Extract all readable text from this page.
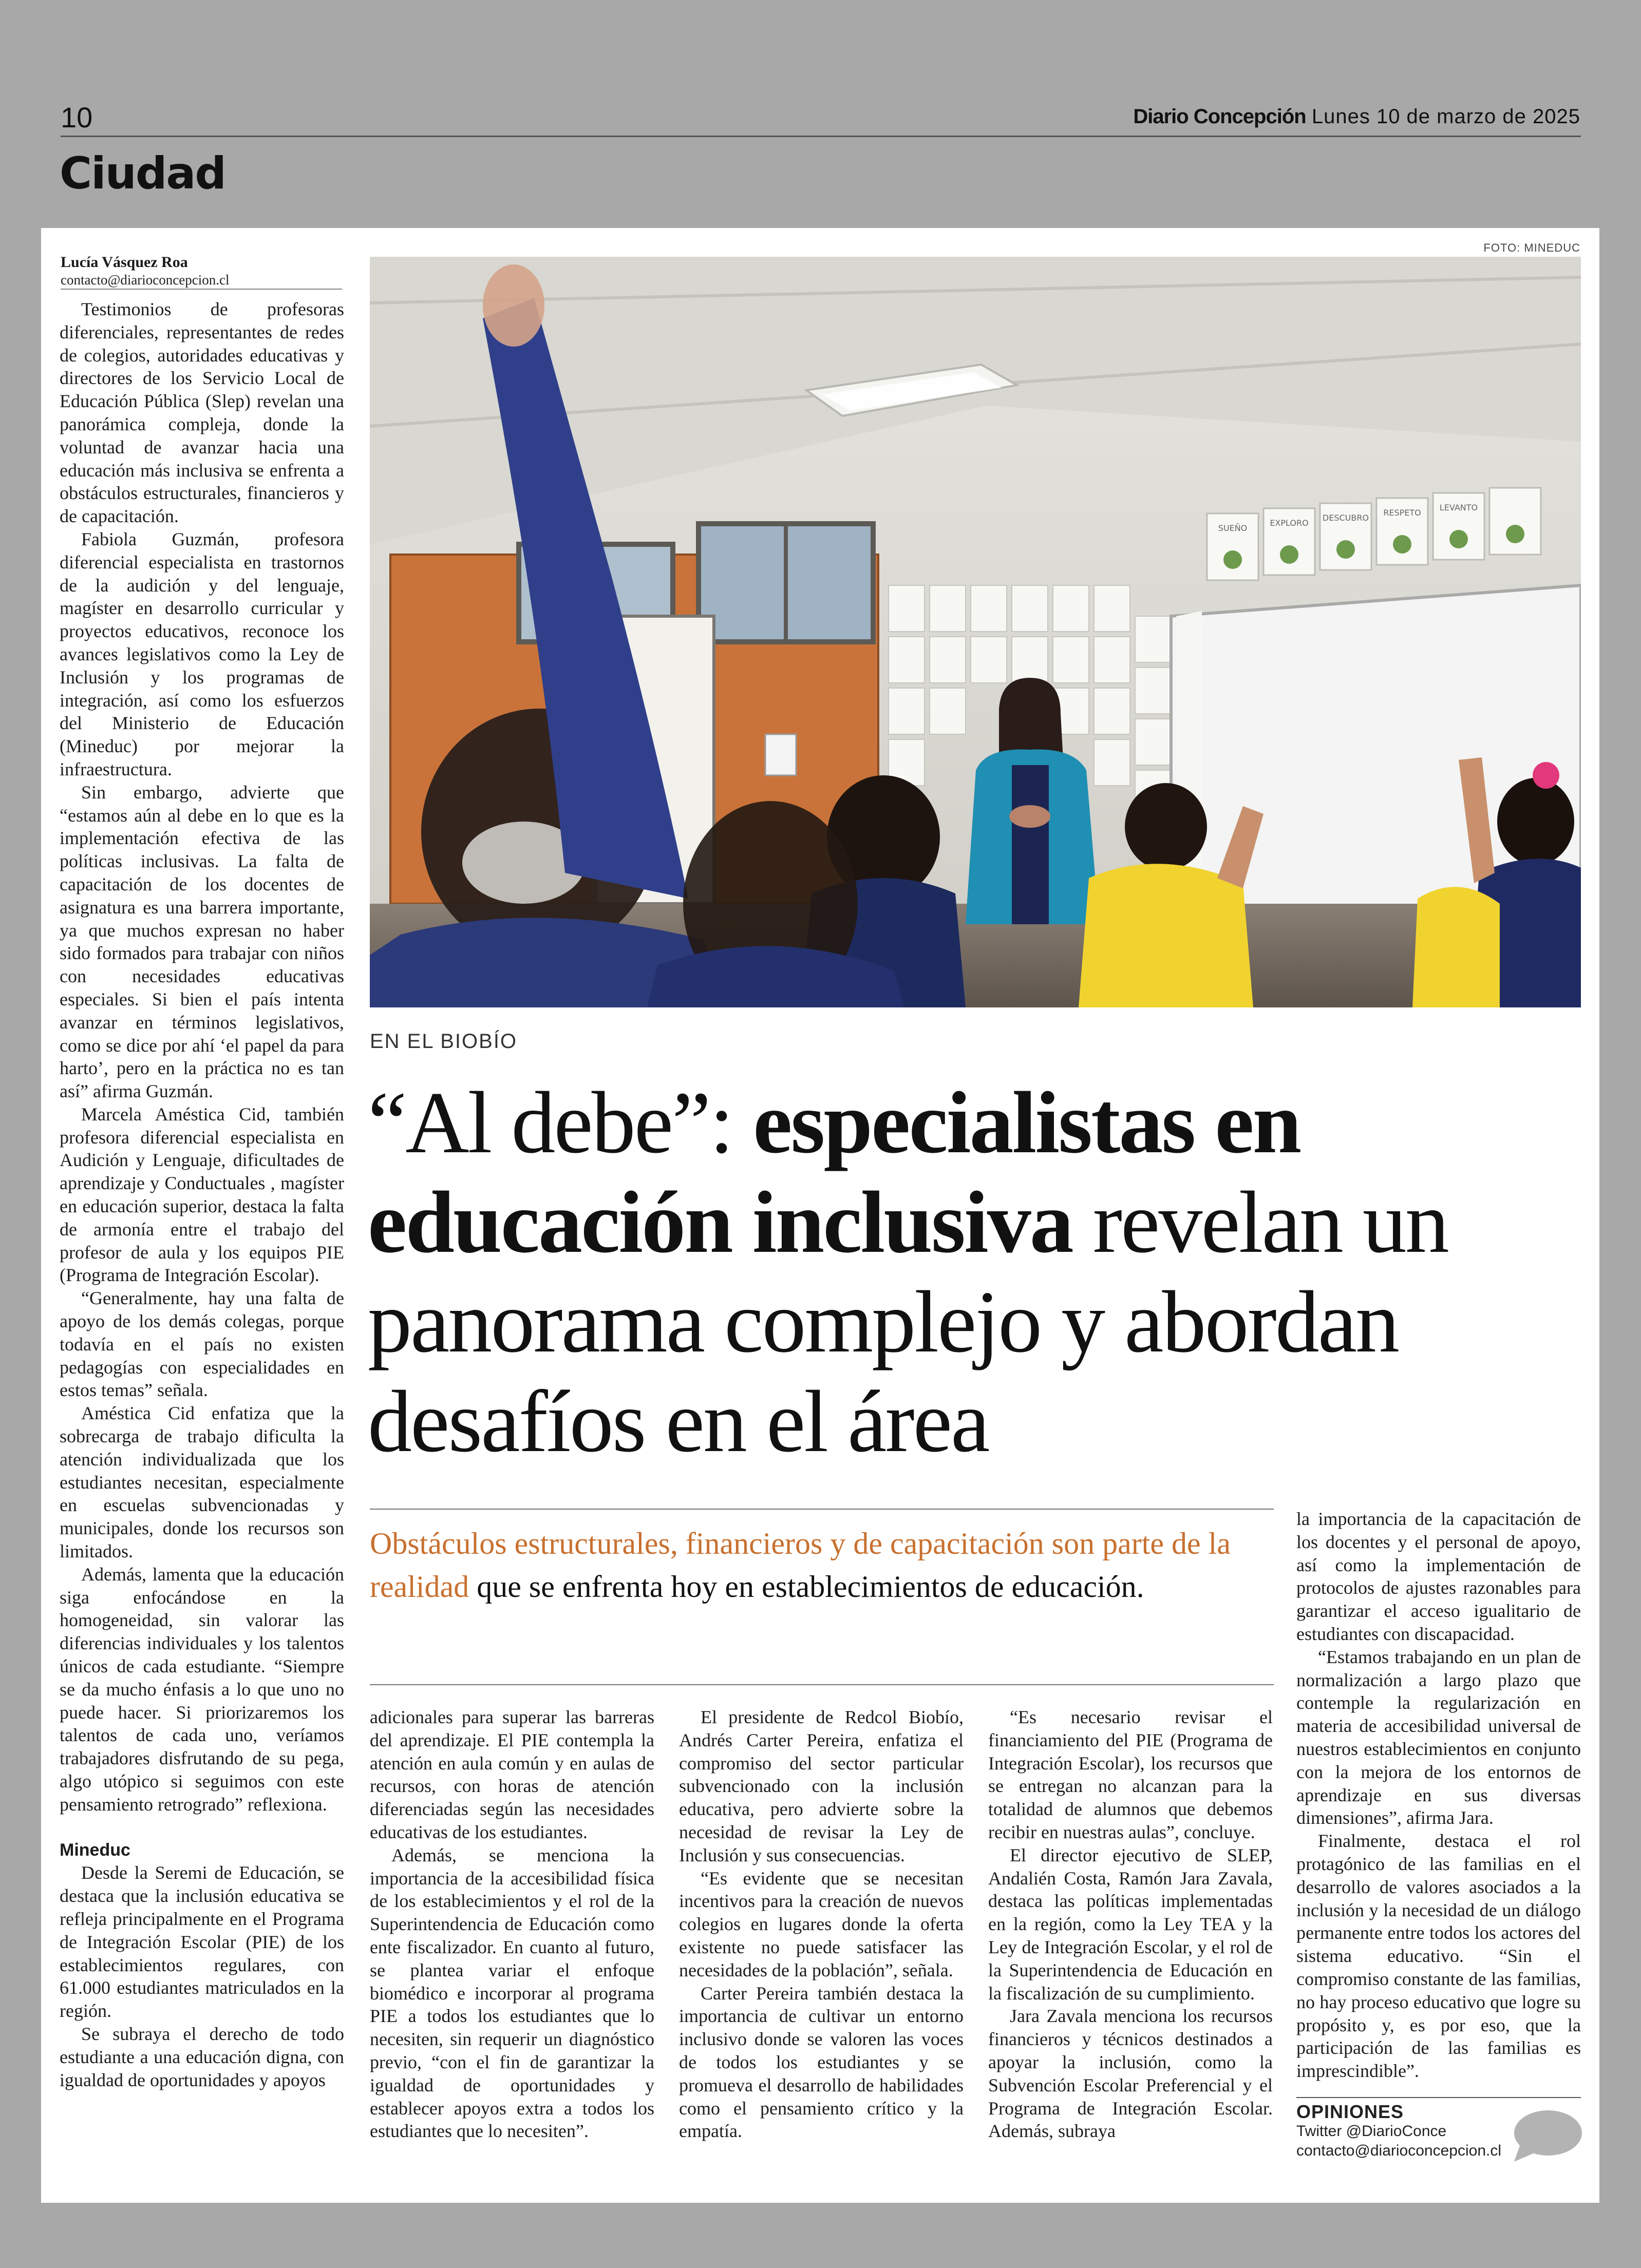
10	Diario Concepción Lunes 10 de marzo de 2025
Ciudad
Lucía Vásquez Roa
contacto@diarioconcepcion.cl

Testimonios de profesoras diferenciales, representantes de redes de colegios, autoridades educativas y directores de los Servicio Local de Educación Pública (Slep) revelan una panorámica compleja, donde la voluntad de avanzar hacia una educación más inclusiva se enfrenta a obstáculos estructurales, financieros y de capacitación.

Fabiola Guzmán, profesora diferencial especialista en trastornos de la audición y del lenguaje, magíster en desarrollo curricular y proyectos educativos, reconoce los avances legislativos como la Ley de Inclusión y los programas de integración, así como los esfuerzos del Ministerio de Educación (Mineduc) por mejorar la infraestructura.

Sin embargo, advierte que “estamos aún al debe en lo que es la implementación efectiva de las políticas inclusivas. La falta de capacitación de los docentes de asignatura es una barrera importante, ya que muchos expresan no haber sido formados para trabajar con niños con necesidades educativas especiales. Si bien el país intenta avanzar en términos legislativos, como se dice por ahí ‘el papel da para harto’, pero en la práctica no es tan así” afirma Guzmán.

Marcela Améstica Cid, también profesora diferencial especialista en Audición y Lenguaje, dificultades de aprendizaje y Conductuales , magíster en educación superior, destaca la falta de armonía entre el trabajo del profesor de aula y los equipos PIE (Programa de Integración Escolar).

“Generalmente, hay una falta de apoyo de los demás colegas, porque todavía en el país no existen pedagogías con especialidades en estos temas” señala.

Améstica Cid enfatiza que la sobrecarga de trabajo dificulta la atención individualizada que los estudiantes necesitan, especialmente en escuelas subvencionadas y municipales, donde los recursos son limitados.

Además, lamenta que la educación siga enfocándose en la homogeneidad, sin valorar las diferencias individuales y los talentos únicos de cada estudiante. “Siempre se da mucho énfasis a lo que uno no puede hacer. Si priorizaremos los talentos de cada uno, veríamos trabajadores disfrutando de su pega, algo utópico si seguimos con este pensamiento retrogrado” reflexiona.

Mineduc

Desde la Seremi de Educación, se destaca que la inclusión educativa se refleja principalmente en el Programa de Integración Escolar (PIE) de los establecimientos regulares, con 61.000 estudiantes matriculados en la región.

Se subraya el derecho de todo estudiante a una educación digna, con igualdad de oportunidades y apoyos

FOTO: MINEDUC
SUEÑO
EXPLORO
DESCUBRO
RESPETO
LEVANTO
EN EL BIOBÍO
“Al debe”: especialistas en educación inclusiva revelan un panorama complejo y abordan desafíos en el área
Obstáculos estructurales, financieros y de capacitación son parte de la realidad que se enfrenta hoy en establecimientos de educación.

adicionales para superar las barreras del aprendizaje. El PIE contempla la atención en aula común y en aulas de recursos, con horas de atención diferenciadas según las necesidades educativas de los estudiantes.

Además, se menciona la importancia de la accesibilidad física de los establecimientos y el rol de la Superintendencia de Educación como ente fiscalizador. En cuanto al futuro, se plantea variar el enfoque biomédico e incorporar al programa PIE a todos los estudiantes que lo necesiten, sin requerir un diagnóstico previo, “con el fin de garantizar la igualdad de oportunidades y establecer apoyos extra a todos los estudiantes que lo necesiten”.

El presidente de Redcol Biobío, Andrés Carter Pereira, enfatiza el compromiso del sector particular subvencionado con la inclusión educativa, pero advierte sobre la necesidad de revisar la Ley de Inclusión y sus consecuencias.

“Es evidente que se necesitan incentivos para la creación de nuevos colegios en lugares donde la oferta existente no puede satisfacer las necesidades de la población”, señala.

Carter Pereira también destaca la importancia de cultivar un entorno inclusivo donde se valoren las voces de todos los estudiantes y se promueva el desarrollo de habilidades como el pensamiento crítico y la empatía.

“Es necesario revisar el financiamiento del PIE (Programa de Integración Escolar), los recursos que se entregan no alcanzan para la totalidad de alumnos que debemos recibir en nuestras aulas”, concluye.

El director ejecutivo de SLEP, Andalién Costa, Ramón Jara Zavala, destaca las políticas implementadas en la región, como la Ley TEA y la Ley de Integración Escolar, y el rol de la Superintendencia de Educación en la fiscalización de su cumplimiento.

Jara Zavala menciona los recursos financieros y técnicos destinados a apoyar la inclusión, como la Subvención Escolar Preferencial y el Programa de Integración Escolar. Además, subraya

la importancia de la capacitación de los docentes y el personal de apoyo, así como la implementación de protocolos de ajustes razonables para garantizar el acceso igualitario de estudiantes con discapacidad.

“Estamos trabajando en un plan de normalización a largo plazo que contemple la regularización en materia de accesibilidad universal de nuestros establecimientos en conjunto con la mejora de los entornos de aprendizaje en sus diversas dimensiones”, afirma Jara.

Finalmente, destaca el rol protagónico de las familias en el desarrollo de valores asociados a la inclusión y la necesidad de un diálogo permanente entre todos los actores del sistema educativo. “Sin el compromiso constante de las familias, no hay proceso educativo que logre su propósito y, es por eso, que la participación de las familias es imprescindible”.

OPINIONES
Twitter @DiarioConce
contacto@diarioconcepcion.cl
